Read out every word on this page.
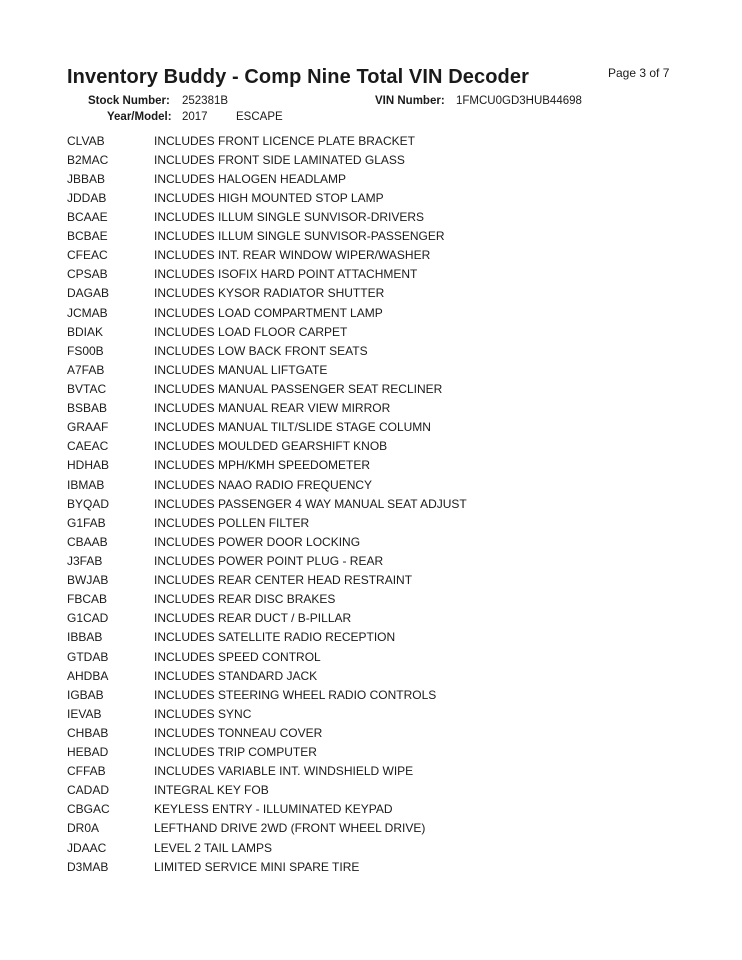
Page 3 of 7
Inventory Buddy - Comp Nine Total VIN Decoder
Stock Number: 252381B	VIN Number: 1FMCU0GD3HUB44698
Year/Model: 2017 ESCAPE
CLVAB	INCLUDES FRONT LICENCE PLATE BRACKET
B2MAC	INCLUDES FRONT SIDE LAMINATED GLASS
JBBAB	INCLUDES HALOGEN HEADLAMP
JDDAB	INCLUDES HIGH MOUNTED STOP LAMP
BCAAE	INCLUDES ILLUM SINGLE SUNVISOR-DRIVERS
BCBAE	INCLUDES ILLUM SINGLE SUNVISOR-PASSENGER
CFEAC	INCLUDES INT. REAR WINDOW WIPER/WASHER
CPSAB	INCLUDES ISOFIX HARD POINT ATTACHMENT
DAGAB	INCLUDES KYSOR RADIATOR SHUTTER
JCMAB	INCLUDES LOAD COMPARTMENT LAMP
BDIAK	INCLUDES LOAD FLOOR CARPET
FS00B	INCLUDES LOW BACK FRONT SEATS
A7FAB	INCLUDES MANUAL LIFTGATE
BVTAC	INCLUDES MANUAL PASSENGER SEAT RECLINER
BSBAB	INCLUDES MANUAL REAR VIEW MIRROR
GRAAF	INCLUDES MANUAL TILT/SLIDE STAGE COLUMN
CAEAC	INCLUDES MOULDED GEARSHIFT KNOB
HDHAB	INCLUDES MPH/KMH SPEEDOMETER
IBMAB	INCLUDES NAAO RADIO FREQUENCY
BYQAD	INCLUDES PASSENGER 4 WAY MANUAL SEAT ADJUST
G1FAB	INCLUDES POLLEN FILTER
CBAAB	INCLUDES POWER DOOR LOCKING
J3FAB	INCLUDES POWER POINT PLUG - REAR
BWJAB	INCLUDES REAR CENTER HEAD RESTRAINT
FBCAB	INCLUDES REAR DISC BRAKES
G1CAD	INCLUDES REAR DUCT / B-PILLAR
IBBAB	INCLUDES SATELLITE RADIO RECEPTION
GTDAB	INCLUDES SPEED CONTROL
AHDBA	INCLUDES STANDARD JACK
IGBAB	INCLUDES STEERING WHEEL RADIO CONTROLS
IEVAB	INCLUDES SYNC
CHBAB	INCLUDES TONNEAU COVER
HEBAD	INCLUDES TRIP COMPUTER
CFFAB	INCLUDES VARIABLE INT. WINDSHIELD WIPE
CADAD	INTEGRAL KEY FOB
CBGAC	KEYLESS ENTRY - ILLUMINATED KEYPAD
DR0A	LEFTHAND DRIVE 2WD (FRONT WHEEL DRIVE)
JDAAC	LEVEL 2 TAIL LAMPS
D3MAB	LIMITED SERVICE MINI SPARE TIRE
